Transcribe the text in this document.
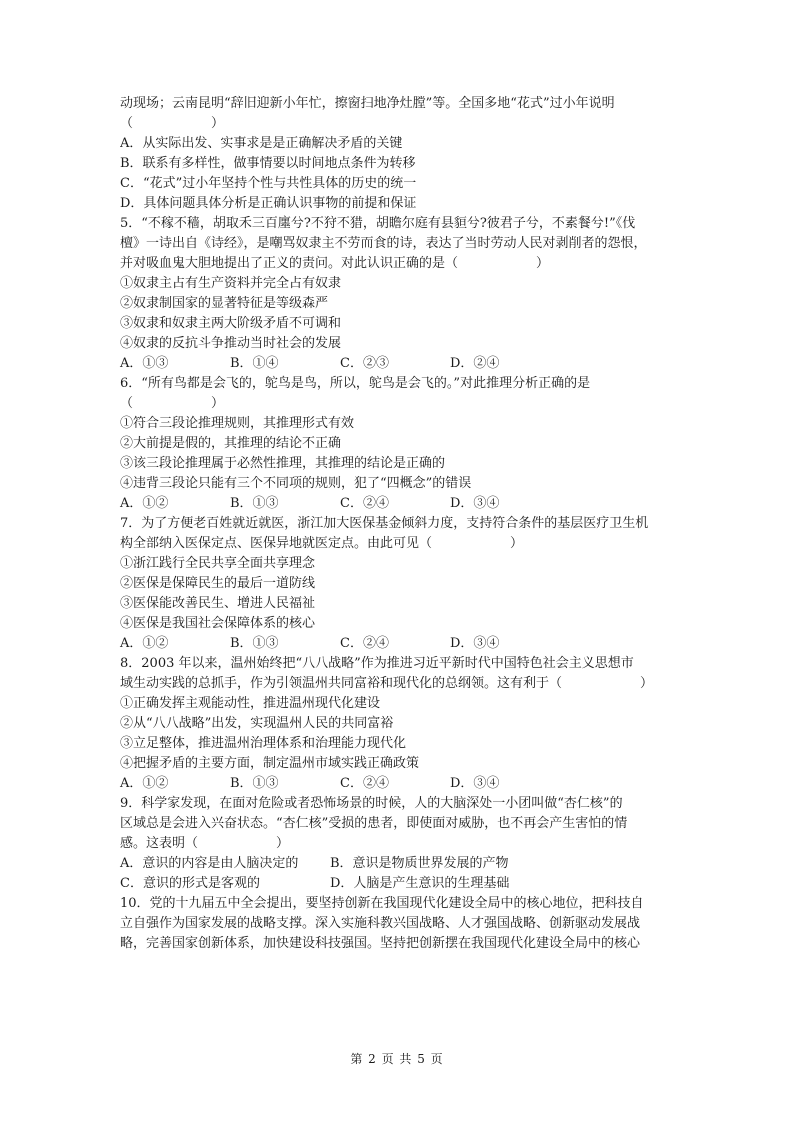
动现场；云南昆明“辞旧迎新小年忙，擦窗扫地净灶膛”等。全国多地“花式”过小年说明
（　　　　　　）
A．从实际出发、实事求是是正确解决矛盾的关键
B．联系有多样性，做事情要以时间地点条件为转移
C．“花式”过小年坚持个性与共性具体的历史的统一
D．具体问题具体分析是正确认识事物的前提和保证
5．“不稼不穑，胡取禾三百廛兮?不狩不猎，胡瞻尔庭有县貆兮?彼君子兮，不素餐兮!”《伐
檀》一诗出自《诗经》，是嘲骂奴隶主不劳而食的诗，表达了当时劳动人民对剥削者的怨恨，
并对吸血鬼大胆地提出了正义的责问。对此认识正确的是（　　　　　　）
①奴隶主占有生产资料并完全占有奴隶
②奴隶制国家的显著特征是等级森严
③奴隶和奴隶主两大阶级矛盾不可调和
④奴隶的反抗斗争推动当时社会的发展
A．①③	B．①④	C．②③	D．②④
6．“所有鸟都是会飞的，鸵鸟是鸟，所以，鸵鸟是会飞的。”对此推理分析正确的是
（　　　　　　）
①符合三段论推理规则，其推理形式有效
②大前提是假的，其推理的结论不正确
③该三段论推理属于必然性推理，其推理的结论是正确的
④违背三段论只能有三个不同项的规则，犯了“四概念”的错误
A．①②	B．①③	C．②④	D．③④
7．为了方便老百姓就近就医，浙江加大医保基金倾斜力度，支持符合条件的基层医疗卫生机
构全部纳入医保定点、医保异地就医定点。由此可见（　　　　　　）
①浙江践行全民共享全面共享理念
②医保是保障民生的最后一道防线
③医保能改善民生、增进人民福祉
④医保是我国社会保障体系的核心
A．①②	B．①③	C．②④	D．③④
8．2003 年以来，温州始终把“八八战略”作为推进习近平新时代中国特色社会主义思想市
域生动实践的总抓手，作为引领温州共同富裕和现代化的总纲领。这有利于（　　　　　　）
①正确发挥主观能动性，推进温州现代化建设
②从“八八战略”出发，实现温州人民的共同富裕
③立足整体，推进温州治理体系和治理能力现代化
④把握矛盾的主要方面，制定温州市域实践正确政策
A．①②	B．①③	C．②④	D．③④
9．科学家发现，在面对危险或者恐怖场景的时候，人的大脑深处一小团叫做“杏仁核”的
区域总是会进入兴奋状态。“杏仁核”受损的患者，即使面对威胁，也不再会产生害怕的情
感。这表明（　　　　　　）
A．意识的内容是由人脑决定的	B．意识是物质世界发展的产物
C．意识的形式是客观的	D．人脑是产生意识的生理基础
10．党的十九届五中全会提出，要坚持创新在我国现代化建设全局中的核心地位，把科技自
立自强作为国家发展的战略支撑。深入实施科教兴国战略、人才强国战略、创新驱动发展战
略，完善国家创新体系，加快建设科技强国。坚持把创新摆在我国现代化建设全局中的核心
第 2 页 共 5 页
